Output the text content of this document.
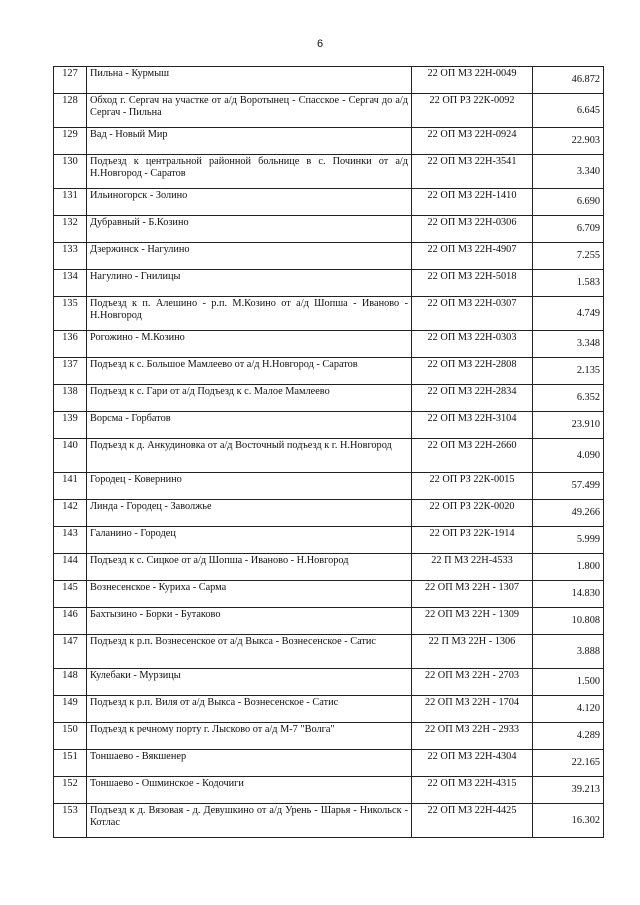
6
127	Пильна - Курмыш	22 ОП МЗ 22Н-0049	46.872
128	Обход г. Сергач на участке от а/д Воротынец - Спасское - Сергач до а/д Сергач - Пильна	22 ОП РЗ 22К-0092	6.645
129	Вад - Новый Мир	22 ОП МЗ 22Н-0924	22.903
130	Подъезд к центральной районной больнице в с. Починки от а/д Н.Новгород - Саратов	22 ОП МЗ 22Н-3541	3.340
131	Ильиногорск - Золино	22 ОП МЗ 22Н-1410	6.690
132	Дубравный - Б.Козино	22 ОП МЗ 22Н-0306	6.709
133	Дзержинск - Нагулино	22 ОП МЗ 22Н-4907	7.255
134	Нагулино - Гнилицы	22 ОП МЗ 22Н-5018	1.583
135	Подъезд к п. Алешино - р.п. М.Козино от а/д Шопша - Иваново - Н.Новгород	22 ОП МЗ 22Н-0307	4.749
136	Рогожино - М.Козино	22 ОП МЗ 22Н-0303	3.348
137	Подъезд к с. Большое Мамлеево от а/д Н.Новгород - Саратов	22 ОП МЗ 22Н-2808	2.135
138	Подъезд к с. Гари от а/д Подъезд к с. Малое Мамлеево	22 ОП МЗ 22Н-2834	6.352
139	Ворсма - Горбатов	22 ОП МЗ 22Н-3104	23.910
140	Подъезд к д. Анкудиновка от а/д Восточный подъезд к г. Н.Новгород	22 ОП МЗ 22Н-2660	4.090
141	Городец - Ковернино	22 ОП РЗ 22К-0015	57.499
142	Линда - Городец - Заволжье	22 ОП РЗ 22К-0020	49.266
143	Галанино - Городец	22 ОП РЗ 22К-1914	5.999
144	Подъезд к с. Сицкое от а/д Шопша - Иваново - Н.Новгород	22 П МЗ 22Н-4533	1.800
145	Вознесенское - Куриха - Сарма	22 ОП МЗ 22Н - 1307	14.830
146	Бахтызино - Борки - Бутаково	22 ОП МЗ 22Н - 1309	10.808
147	Подъезд к р.п. Вознесенское от а/д Выкса - Вознесенское - Сатис	22 П МЗ 22Н - 1306	3.888
148	Кулебаки - Мурзицы	22 ОП МЗ 22Н - 2703	1.500
149	Подъезд к р.п. Виля от а/д Выкса - Вознесенское - Сатис	22 ОП МЗ 22Н - 1704	4.120
150	Подъезд к речному порту г. Лысково от а/д М-7 "Волга"	22 ОП МЗ 22Н - 2933	4.289
151	Тоншаево - Вякшенер	22 ОП МЗ 22Н-4304	22.165
152	Тоншаево - Ошминское - Кодочиги	22 ОП МЗ 22Н-4315	39.213
153	Подъезд к д. Вязовая - д. Девушкино от а/д Урень - Шарья - Никольск - Котлас	22 ОП МЗ 22Н-4425	16.302
